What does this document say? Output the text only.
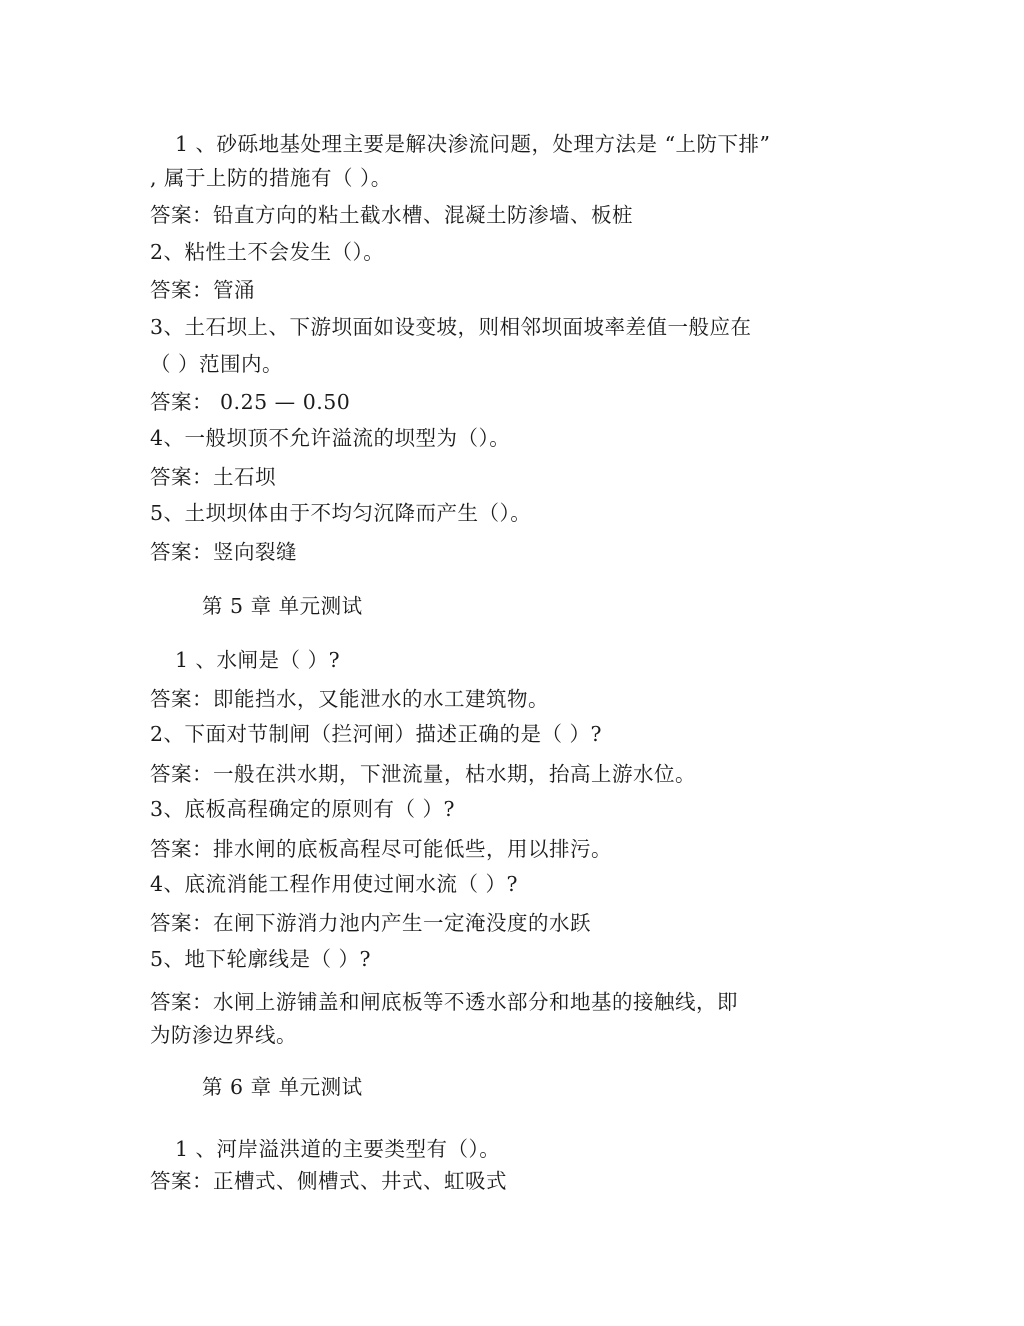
1 、砂砾地基处理主要是解决渗流问题，处理方法是 “上防下排”
, 属于上防的措施有（ ）。
答案：铅直方向的粘土截水槽、混凝土防渗墙、板桩
2、粘性土不会发生（）。
答案：管涌
3、土石坝上、下游坝面如设变坡，则相邻坝面坡率差值一般应在
（ ）范围内。
答案： 0.25 — 0.50
4、一般坝顶不允许溢流的坝型为（）。
答案：土石坝
5、土坝坝体由于不均匀沉降而产生（）。
答案：竖向裂缝
第 5 章 单元测试
1 、水闸是（ ）?
答案：即能挡水，又能泄水的水工建筑物。
2、下面对节制闸（拦河闸）描述正确的是（ ）?
答案：一般在洪水期，下泄流量，枯水期，抬高上游水位。
3、底板高程确定的原则有（ ）?
答案：排水闸的底板高程尽可能低些，用以排污。
4、底流消能工程作用使过闸水流（ ）?
答案：在闸下游消力池内产生一定淹没度的水跃
5、地下轮廓线是（ ）?
答案：水闸上游铺盖和闸底板等不透水部分和地基的接触线，即
为防渗边界线。
第 6 章 单元测试
1 、河岸溢洪道的主要类型有（）。
答案：正槽式、侧槽式、井式、虹吸式
